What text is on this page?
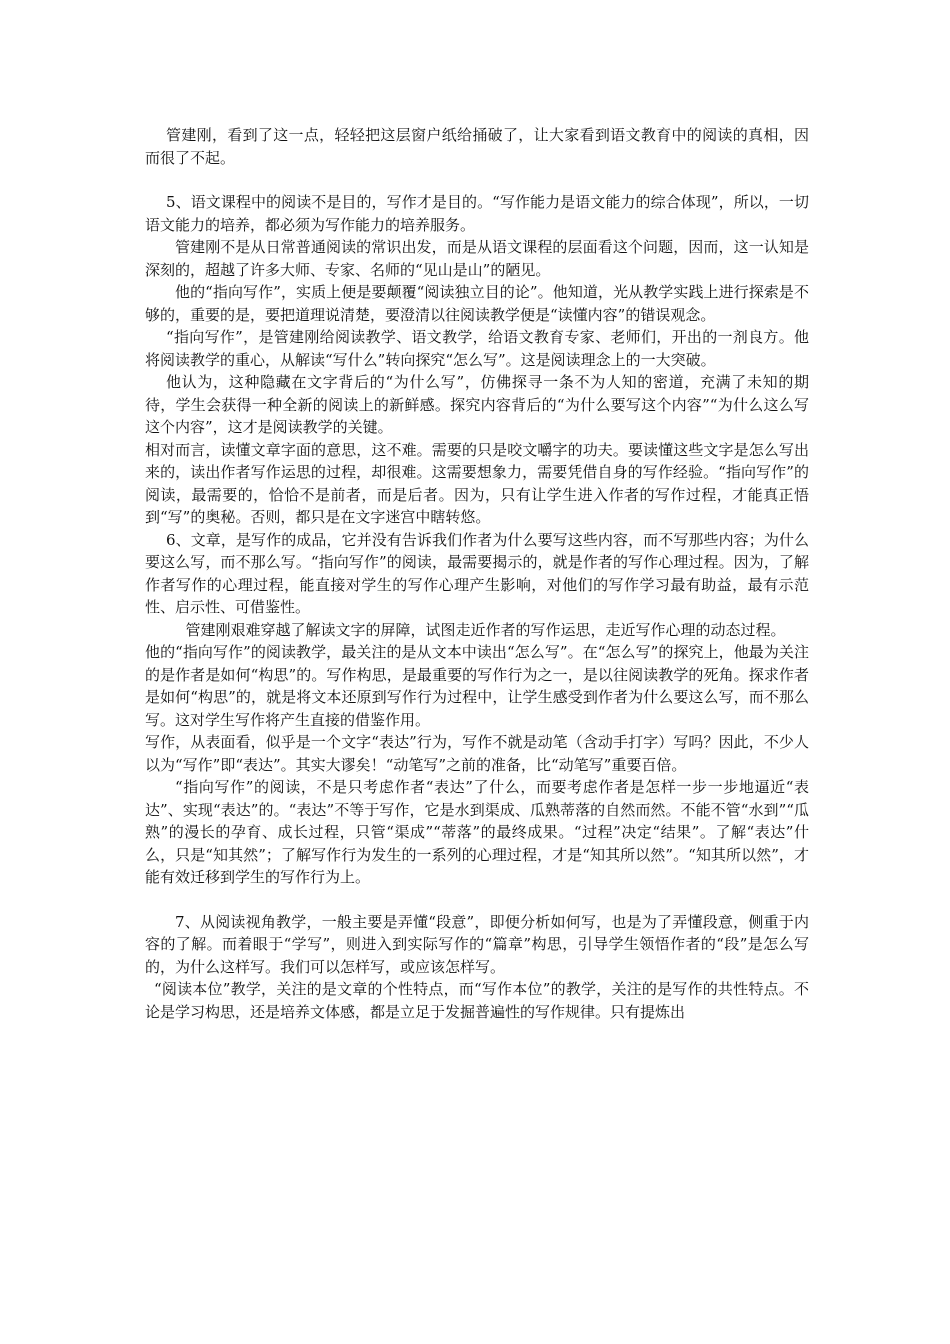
管建刚，看到了这一点，轻轻把这层窗户纸给捅破了，让大家看到语文教育中的阅读的真相，因而很了不起。

5、语文课程中的阅读不是目的，写作才是目的。“写作能力是语文能力的综合体现”，所以，一切语文能力的培养，都必须为写作能力的培养服务。

管建刚不是从日常普通阅读的常识出发，而是从语文课程的层面看这个问题，因而，这一认知是深刻的，超越了许多大师、专家、名师的“见山是山”的陋见。

他的“指向写作”，实质上便是要颠覆“阅读独立目的论”。他知道，光从教学实践上进行探索是不够的，重要的是，要把道理说清楚，要澄清以往阅读教学便是“读懂内容”的错误观念。

“指向写作”，是管建刚给阅读教学、语文教学，给语文教育专家、老师们，开出的一剂良方。他将阅读教学的重心，从解读“写什么”转向探究“怎么写”。这是阅读理念上的一大突破。

他认为，这种隐藏在文字背后的“为什么写”，仿佛探寻一条不为人知的密道，充满了未知的期待，学生会获得一种全新的阅读上的新鲜感。探究内容背后的“为什么要写这个内容”“为什么这么写这个内容”，这才是阅读教学的关键。

相对而言，读懂文章字面的意思，这不难。需要的只是咬文嚼字的功夫。要读懂这些文字是怎么写出来的，读出作者写作运思的过程，却很难。这需要想象力，需要凭借自身的写作经验。“指向写作”的阅读，最需要的，恰恰不是前者，而是后者。因为，只有让学生进入作者的写作过程，才能真正悟到“写”的奥秘。否则，都只是在文字迷宫中瞎转悠。

6、文章，是写作的成品，它并没有告诉我们作者为什么要写这些内容，而不写那些内容；为什么要这么写，而不那么写。“指向写作”的阅读，最需要揭示的，就是作者的写作心理过程。因为，了解作者写作的心理过程，能直接对学生的写作心理产生影响，对他们的写作学习最有助益，最有示范性、启示性、可借鉴性。

管建刚艰难穿越了解读文字的屏障，试图走近作者的写作运思，走近写作心理的动态过程。

他的“指向写作”的阅读教学，最关注的是从文本中读出“怎么写”。在“怎么写”的探究上，他最为关注的是作者是如何“构思”的。写作构思，是最重要的写作行为之一，是以往阅读教学的死角。探求作者是如何“构思”的，就是将文本还原到写作行为过程中，让学生感受到作者为什么要这么写，而不那么写。这对学生写作将产生直接的借鉴作用。

写作，从表面看，似乎是一个文字“表达”行为，写作不就是动笔（含动手打字）写吗？因此，不少人以为“写作”即“表达”。其实大谬矣！“动笔写”之前的准备，比“动笔写”重要百倍。

“指向写作”的阅读，不是只考虑作者“表达”了什么，而要考虑作者是怎样一步一步地逼近“表达”、实现“表达”的。“表达”不等于写作，它是水到渠成、瓜熟蒂落的自然而然。不能不管“水到”“瓜熟”的漫长的孕育、成长过程，只管“渠成”“蒂落”的最终成果。“过程”决定“结果”。了解“表达”什么，只是“知其然”；了解写作行为发生的一系列的心理过程，才是“知其所以然”。“知其所以然”，才能有效迁移到学生的写作行为上。

7、从阅读视角教学，一般主要是弄懂“段意”，即便分析如何写，也是为了弄懂段意，侧重于内容的了解。而着眼于“学写”，则进入到实际写作的“篇章”构思，引导学生领悟作者的“段”是怎么写的，为什么这样写。我们可以怎样写，或应该怎样写。

“阅读本位”教学，关注的是文章的个性特点，而“写作本位”的教学，关注的是写作的共性特点。不论是学习构思，还是培养文体感，都是立足于发掘普遍性的写作规律。只有提炼出
